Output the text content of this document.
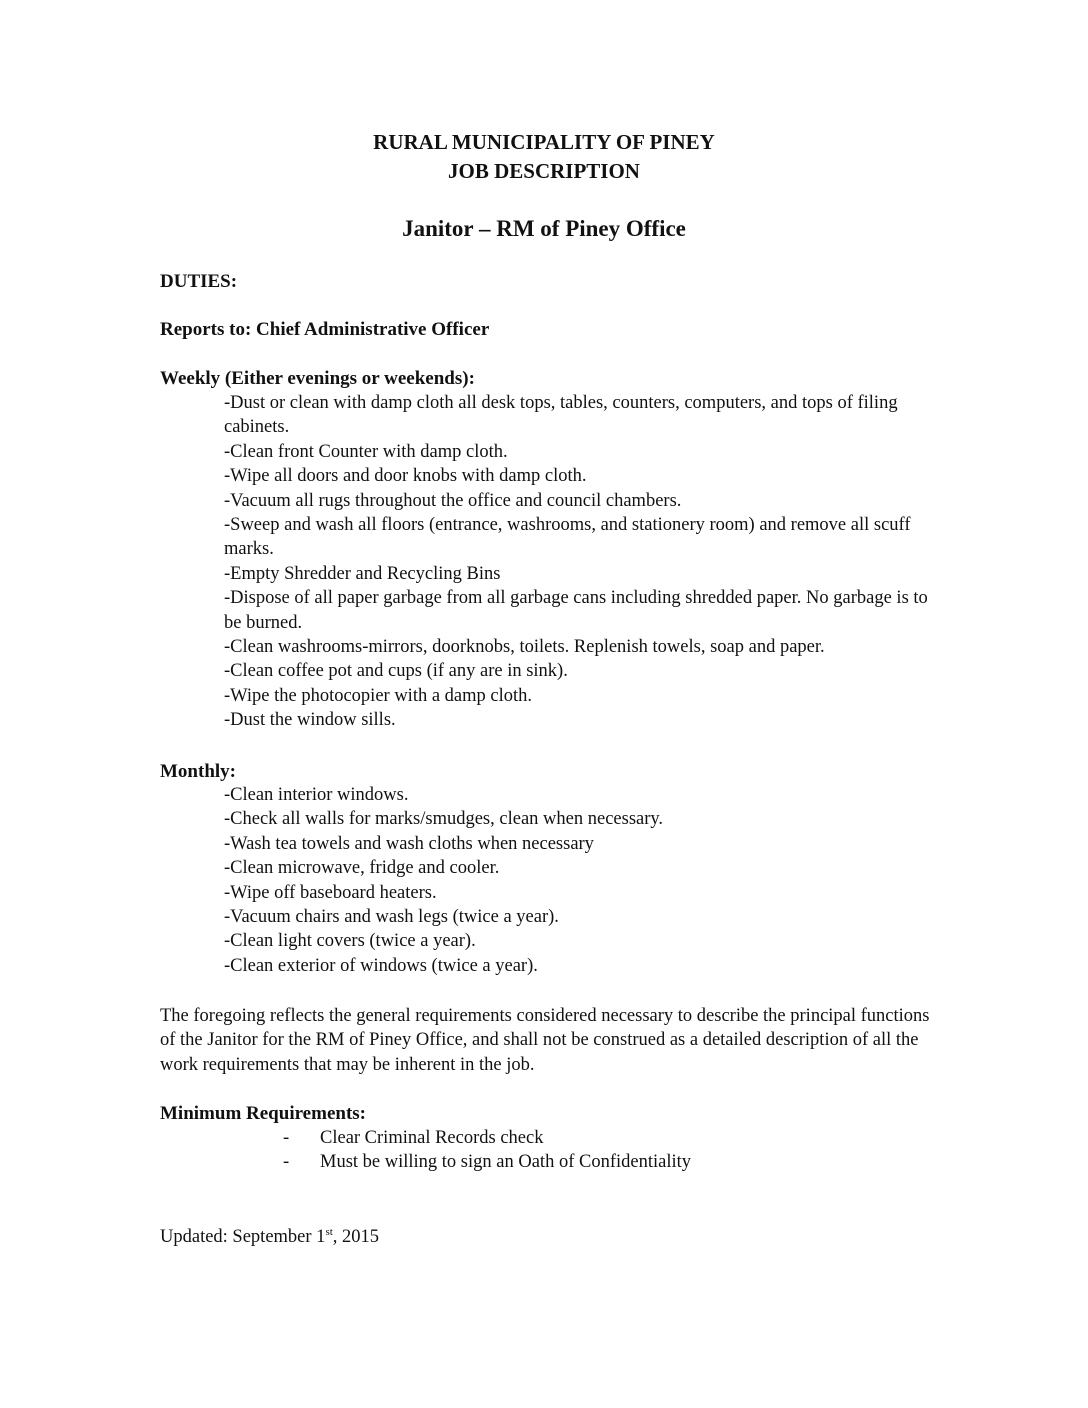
RURAL MUNICIPALITY OF PINEY
JOB DESCRIPTION
Janitor – RM of Piney Office
DUTIES:
Reports to: Chief Administrative Officer
Weekly (Either evenings or weekends):
-Dust or clean with damp cloth all desk tops, tables, counters, computers, and tops of filing cabinets.
-Clean front Counter with damp cloth.
-Wipe all doors and door knobs with damp cloth.
-Vacuum all rugs throughout the office and council chambers.
-Sweep and wash all floors (entrance, washrooms, and stationery room) and remove all scuff marks.
-Empty Shredder and Recycling Bins
-Dispose of all paper garbage from all garbage cans including shredded paper. No garbage is to be burned.
-Clean washrooms-mirrors, doorknobs, toilets. Replenish towels, soap and paper.
-Clean coffee pot and cups (if any are in sink).
-Wipe the photocopier with a damp cloth.
-Dust the window sills.
Monthly:
-Clean interior windows.
-Check all walls for marks/smudges, clean when necessary.
-Wash tea towels and wash cloths when necessary
-Clean microwave, fridge and cooler.
-Wipe off baseboard heaters.
-Vacuum chairs and wash legs (twice a year).
-Clean light covers (twice a year).
-Clean exterior of windows (twice a year).

The foregoing reflects the general requirements considered necessary to describe the principal functions of the Janitor for the RM of Piney Office, and shall not be construed as a detailed description of all the work requirements that may be inherent in the job.

Minimum Requirements:
- Clear Criminal Records check
- Must be willing to sign an Oath of Confidentiality
Updated: September 1st, 2015
